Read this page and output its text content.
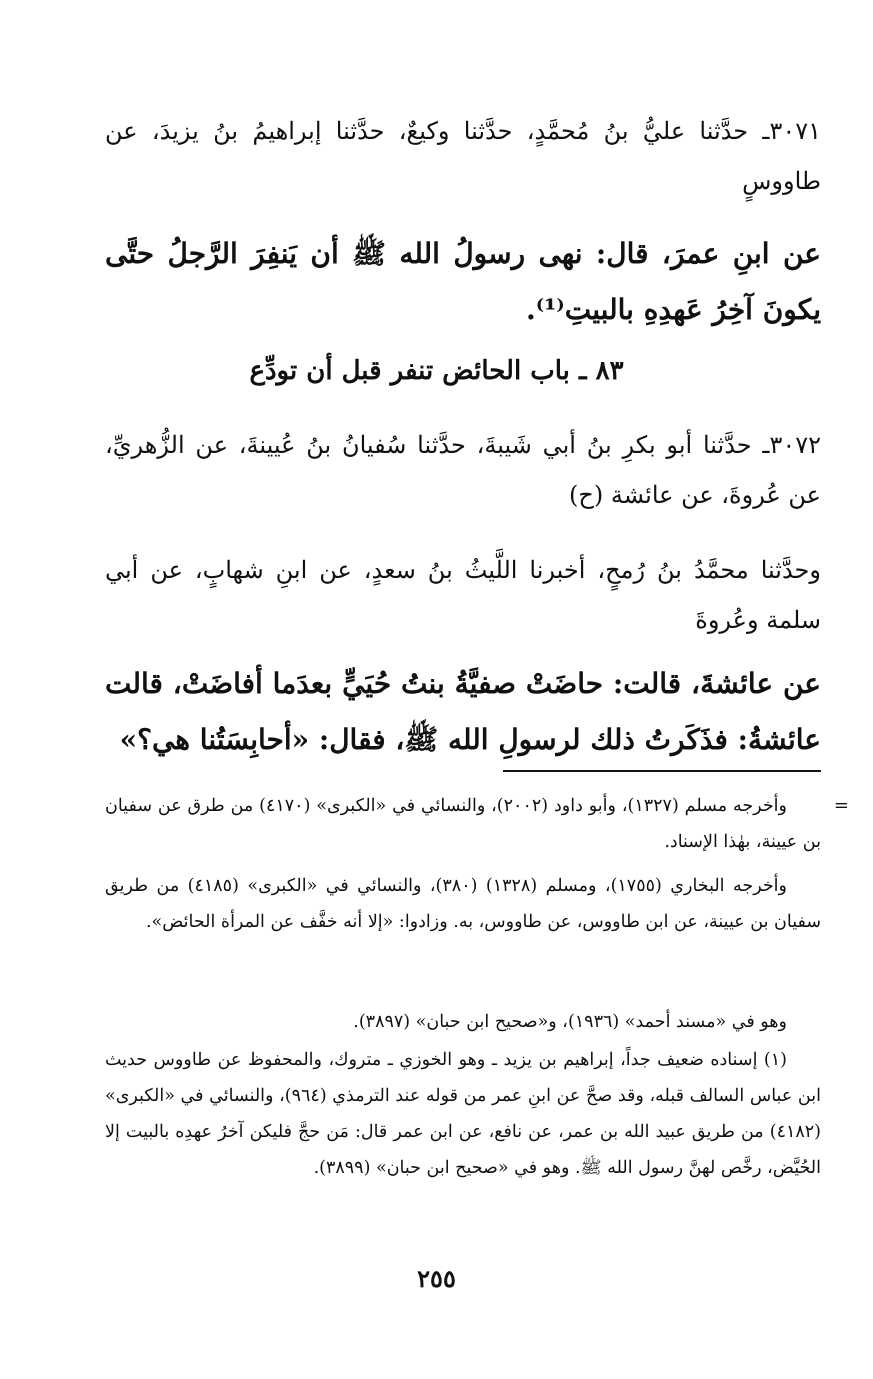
٣٠٧١ـ حدَّثنا عليُّ بنُ مُحمَّدٍ، حدَّثنا وكيعٌ، حدَّثنا إبراهيمُ بنُ يزيدَ، عن طاووسٍ
عن ابنِ عمرَ، قال: نهى رسولُ الله ﷺ أن يَنفِرَ الرَّجلُ حتَّى يكونَ آخِرُ عَهدِهِ بالبيتِ⁽¹⁾.
٨٣ ـ باب الحائض تنفر قبل أن تودِّع
٣٠٧٢ـ حدَّثنا أبو بكرِ بنُ أبي شَيبةَ، حدَّثنا سُفيانُ بنُ عُيينةَ، عن الزُّهريِّ، عن عُروةَ، عن عائشة (ح)
وحدَّثنا محمَّدُ بنُ رُمحٍ، أخبرنا اللَّيثُ بنُ سعدٍ، عن ابنِ شهابٍ، عن أبي سلمة وعُروةَ
عن عائشةَ، قالت: حاضَتْ صفيَّةُ بنتُ حُيَيٍّ بعدَما أفاضَتْ، قالت عائشةُ: فذَكَرتُ ذلك لرسولِ الله ﷺ، فقال: «أحابِسَتُنا هي؟»
=
وأخرجه مسلم (١٣٢٧)، وأبو داود (٢٠٠٢)، والنسائي في «الكبرى» (٤١٧٠) من طرق عن سفيان بن عيينة، بهٰذا الإسناد.
وأخرجه البخاري (١٧٥٥)، ومسلم (١٣٢٨) (٣٨٠)، والنسائي في «الكبرى» (٤١٨٥) من طريق سفيان بن عيينة، عن ابن طاووس، عن طاووس، به. وزادوا: «إلا أنه خفَّف عن المرأة الحائض».
وهو في «مسند أحمد» (١٩٣٦)، و«صحيح ابن حبان» (٣٨٩٧).
(١) إسناده ضعيف جداً، إبراهيم بن يزيد ـ وهو الخوزي ـ متروك، والمحفوظ عن طاووس حديث ابن عباس السالف قبله، وقد صحَّ عن ابنِ عمر من قوله عند الترمذي (٩٦٤)، والنسائي في «الكبرى» (٤١٨٢) من طريق عبيد الله بن عمر، عن نافع، عن ابن عمر قال: مَن حجَّ فليكن آخرُ عهدِه بالبيت إلا الحُيَّض، رخَّص لهنَّ رسول الله ﷺ. وهو في «صحيح ابن حبان» (٣٨٩٩).
٢٥٥
